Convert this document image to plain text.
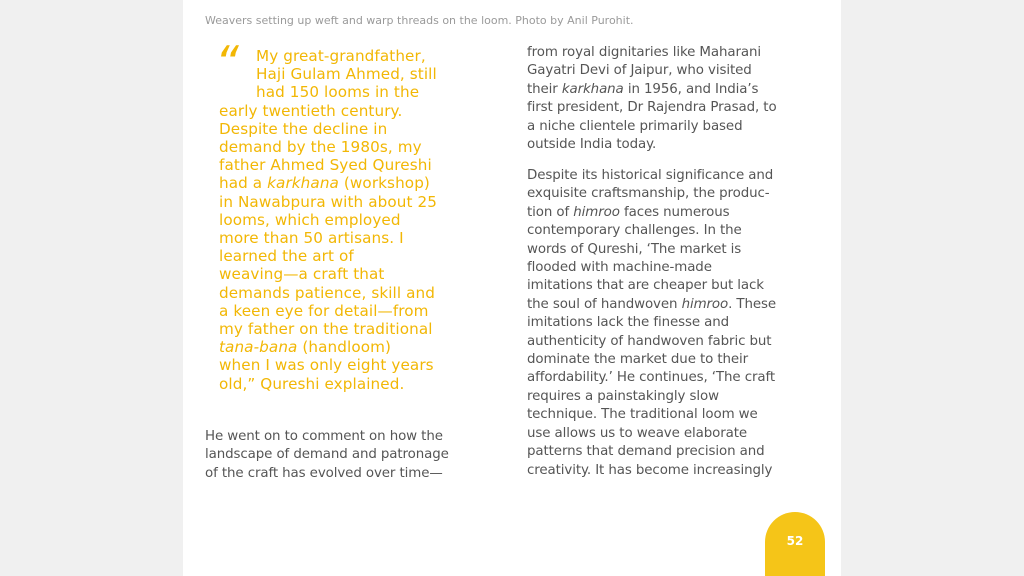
Weavers setting up weft and warp threads on the loom. Photo by Anil Purohit.
“	My great-grandfather,
Haji Gulam Ahmed, still
had 150 looms in the
early twentieth century.
Despite the decline in
demand by the 1980s, my
father Ahmed Syed Qureshi
had a karkhana (workshop)
in Nawabpura with about 25
looms, which employed
more than 50 artisans. I
learned the art of
weaving—a craft that
demands patience, skill and
a keen eye for detail—from
my father on the traditional
tana-bana (handloom)
when I was only eight years
old,” Qureshi explained.
He went on to comment on how the
landscape of demand and patronage
of the craft has evolved over time—
from royal dignitaries like Maharani
Gayatri Devi of Jaipur, who visited
their karkhana in 1956, and India’s
first president, Dr Rajendra Prasad, to
a niche clientele primarily based
outside India today.
Despite its historical significance and
exquisite craftsmanship, the produc-
tion of himroo faces numerous
contemporary challenges. In the
words of Qureshi, ‘The market is
flooded with machine-made
imitations that are cheaper but lack
the soul of handwoven himroo. These
imitations lack the finesse and
authenticity of handwoven fabric but
dominate the market due to their
affordability.’ He continues, ‘The craft
requires a painstakingly slow
technique. The traditional loom we
use allows us to weave elaborate
patterns that demand precision and
creativity. It has become increasingly
52
